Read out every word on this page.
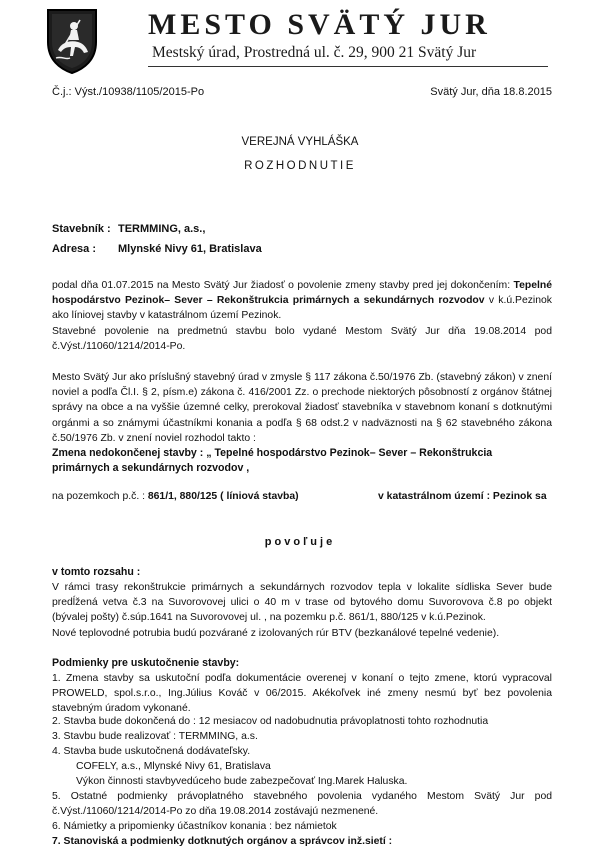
MESTO SVÄTÝ JUR
Mestský úrad, Prostredná ul. č. 29, 900 21 Svätý Jur
Č.j.: Výst./10938/1105/2015-Po	Svätý Jur, dňa 18.8.2015
VEREJNÁ VYHLÁŠKA
ROZHODNUTIE
Stavebník : TERMMING, a.s.,
Adresa : Mlynské Nivy 61, Bratislava

podal dňa 01.07.2015 na Mesto Svätý Jur žiadosť o povolenie zmeny stavby pred jej dokončením: Tepelné hospodárstvo Pezinok– Sever – Rekonštrukcia primárnych a sekundárnych rozvodov v k.ú.Pezinok ako líniovej stavby v katastrálnom území Pezinok.
Stavebné povolenie na predmetnú stavbu bolo vydané Mestom Svätý Jur dňa 19.08.2014 pod č.Výst./11060/1214/2014-Po.

Mesto Svätý Jur ako príslušný stavebný úrad v zmysle § 117 zákona č.50/1976 Zb. (stavebný zákon) v znení noviel a podľa Čl.I. § 2, písm.e) zákona č. 416/2001 Zz. o prechode niektorých pôsobností z orgánov štátnej správy na obce a na vyššie územné celky, prerokoval žiadosť stavebníka v stavebnom konaní s dotknutými orgánmi a so známymi účastníkmi konania a podľa § 68 odst.2 v nadväznosti na § 62 stavebného zákona č.50/1976 Zb. v znení noviel rozhodol takto :

Zmena nedokončenej stavby : „ Tepelné hospodárstvo Pezinok– Sever – Rekonštrukcia primárnych a sekundárnych rozvodov ,
na pozemkoch p.č. : 861/1, 880/125 ( líniová stavba)	v katastrálnom území : Pezinok sa
povoľuje
v tomto rozsahu :

V rámci trasy rekonštrukcie primárnych a sekundárnych rozvodov tepla v lokalite sídliska Sever bude predĺžená vetva č.3 na Suvorovovej ulici o 40 m v trase od bytového domu Suvorovova č.8 po objekt (bývalej pošty) č.súp.1641 na Suvorovovej ul. , na pozemku p.č. 861/1, 880/125 v k.ú.Pezinok.
Nové teplovodné potrubia budú pozvárané z izolovaných rúr BTV (bezkanálové tepelné vedenie).

Podmienky pre uskutočnenie stavby:

1. Zmena stavby sa uskutoční podľa dokumentácie overenej v konaní o tejto zmene, ktorú vypracoval PROWELD, spol.s.r.o., Ing.Július Kováč v 06/2015. Akékoľvek iné zmeny nesmú byť bez povolenia stavebným úradom vykonané.

2. Stavba bude dokončená do : 12 mesiacov od nadobudnutia právoplatnosti tohto rozhodnutia

3. Stavbu bude realizovať : TERMMING, a.s.

4. Stavba bude uskutočnená dodávateľsky.

COFELY, a.s., Mlynské Nivy 61, Bratislava

Výkon činnosti stavbyvedúceho bude zabezpečovať Ing.Marek Haluska.

5. Ostatné podmienky právoplatného stavebného povolenia vydaného Mestom Svätý Jur pod č.Výst./11060/1214/2014-Po zo dňa 19.08.2014 zostávajú nezmenené.

6. Námietky a pripomienky účastníkov konania : bez námietok

7. Stanoviská a podmienky dotknutých orgánov a správcov inž.sietí :
